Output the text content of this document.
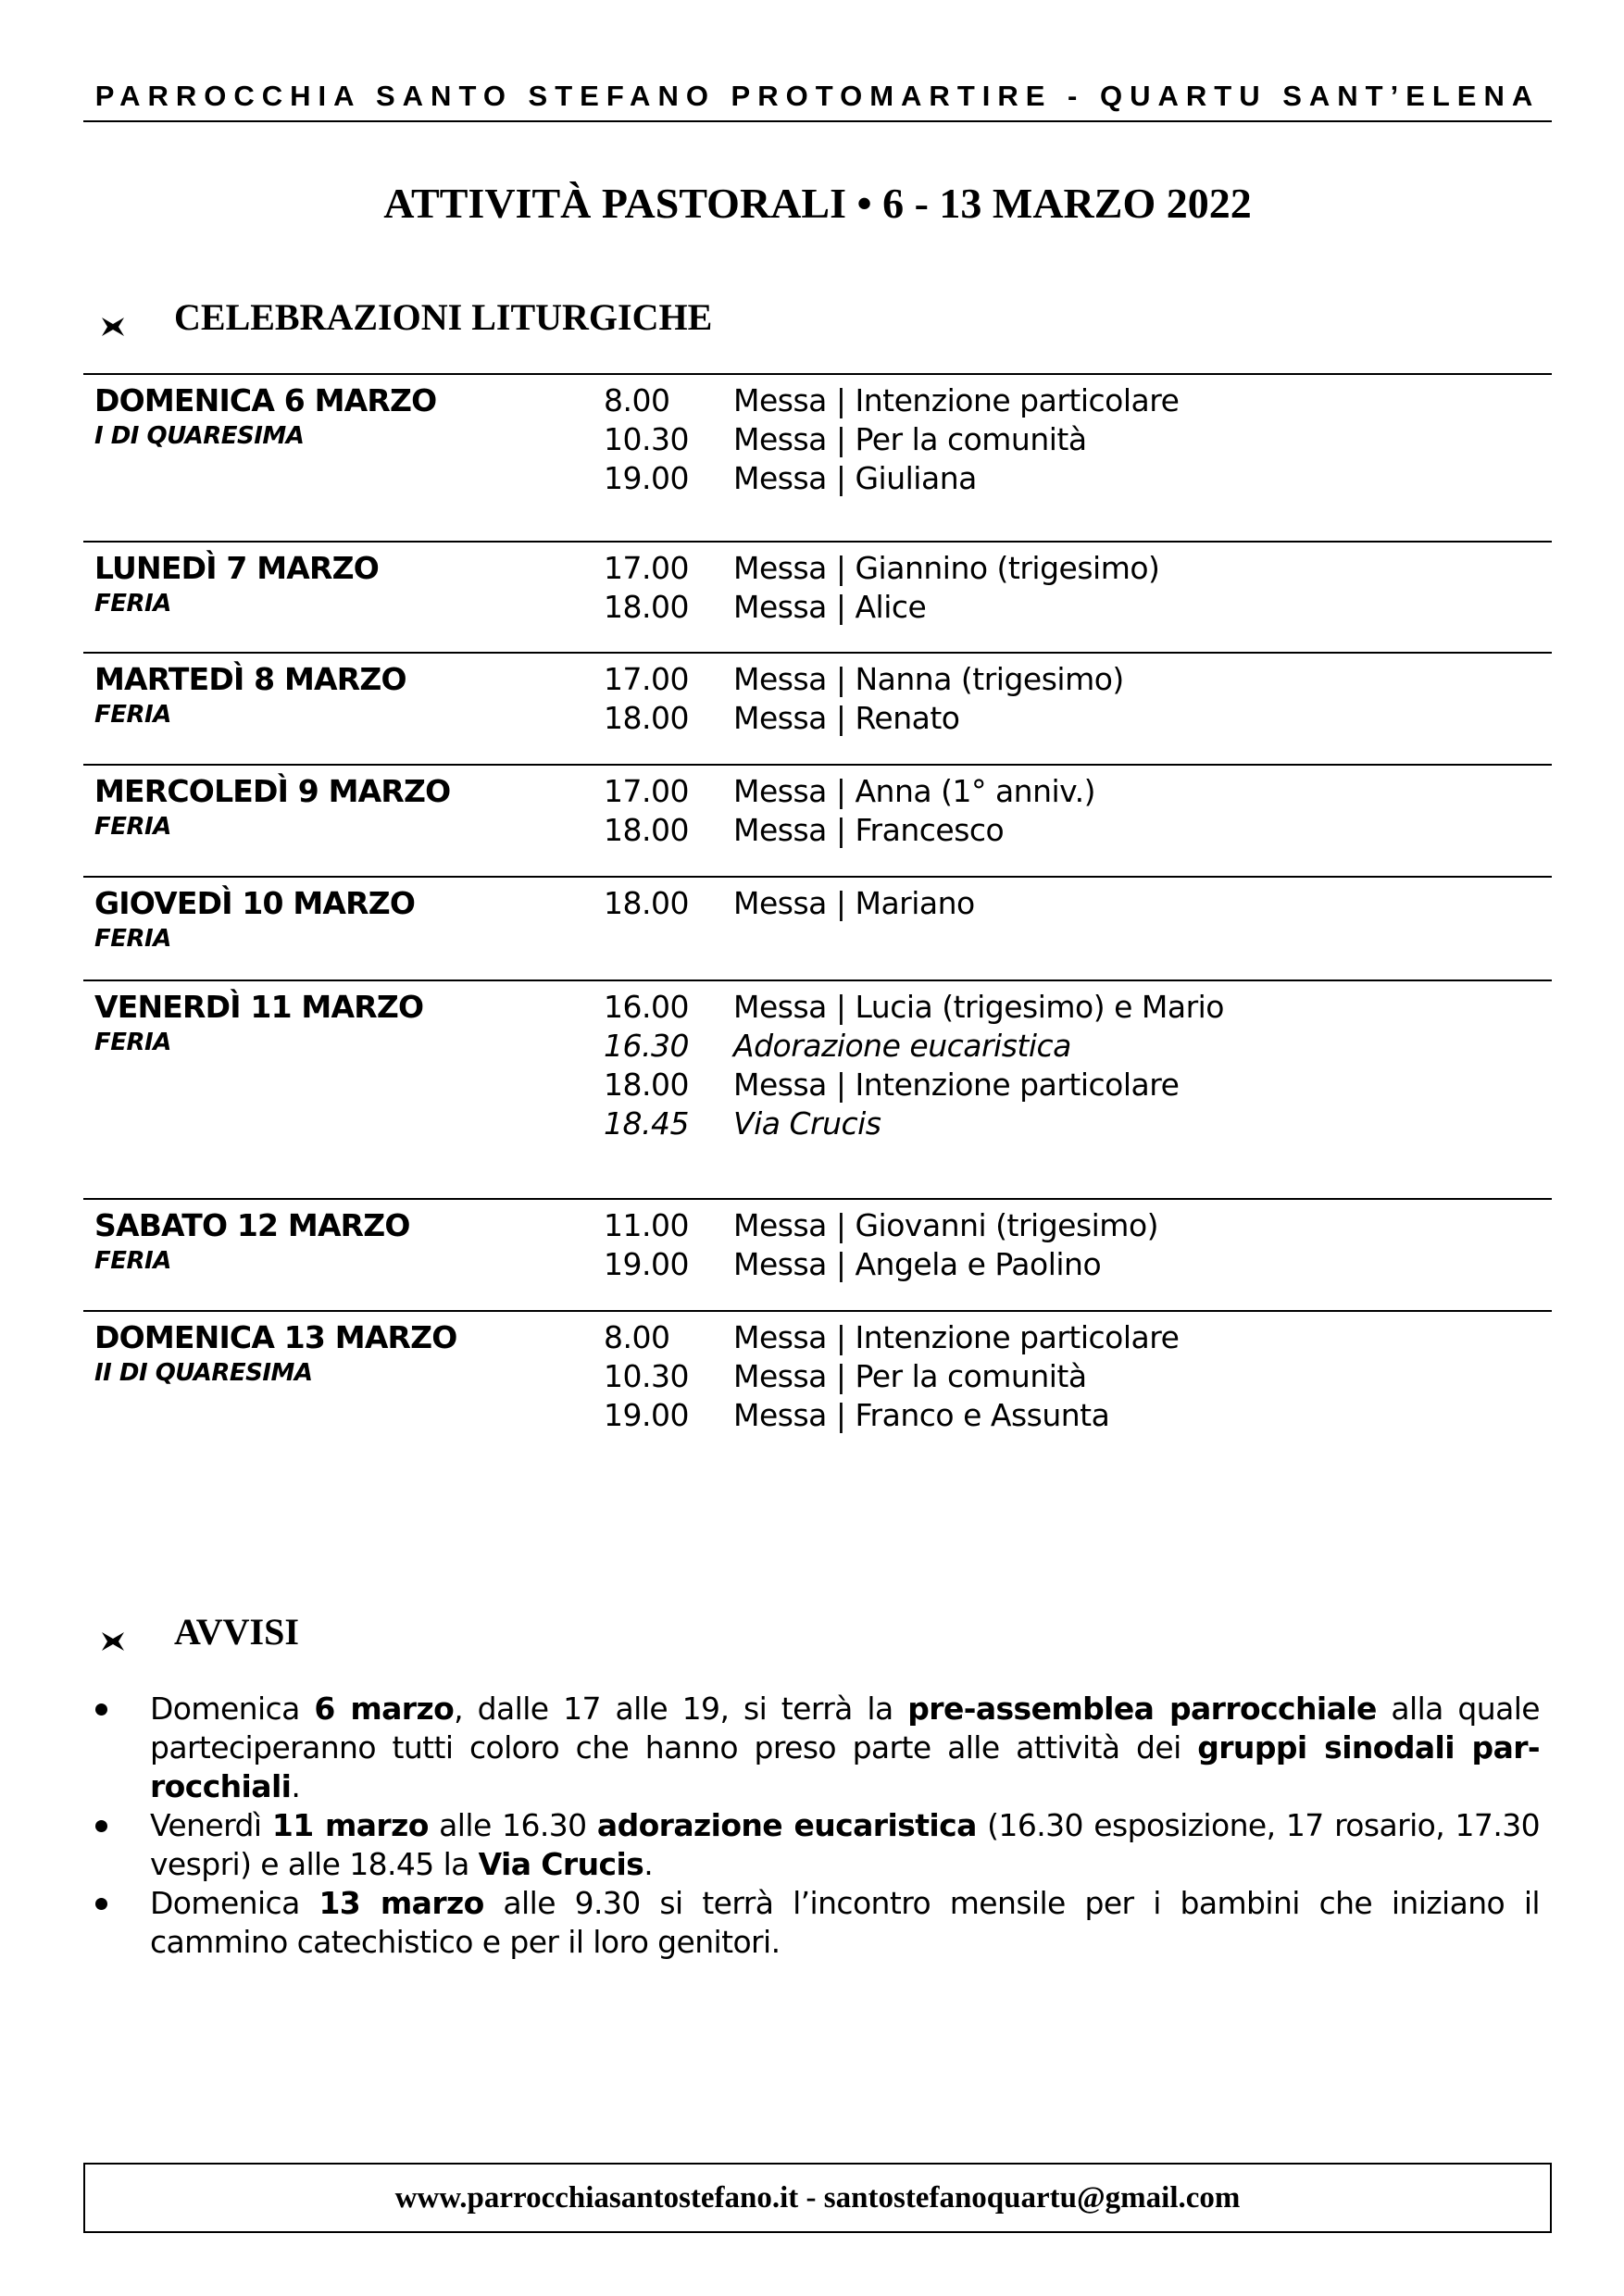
PARROCCHIA SANTO STEFANO PROTOMARTIRE - QUARTU SANT’ELENA
ATTIVITÀ PASTORALI • 6 - 13 MARZO 2022
CELEBRAZIONI LITURGICHE
DOMENICA 6 MARZO
I DI QUARESIMA
8.00 Messa | Intenzione particolare
10.30 Messa | Per la comunità
19.00 Messa | Giuliana
LUNEDÌ 7 MARZO
FERIA
17.00 Messa | Giannino (trigesimo)
18.00 Messa | Alice
MARTEDÌ 8 MARZO
FERIA
17.00 Messa | Nanna (trigesimo)
18.00 Messa | Renato
MERCOLEDÌ 9 MARZO
FERIA
17.00 Messa | Anna (1° anniv.)
18.00 Messa | Francesco
GIOVEDÌ 10 MARZO
FERIA
18.00 Messa | Mariano
VENERDÌ 11 MARZO
FERIA
16.00 Messa | Lucia (trigesimo) e Mario
16.30 Adorazione eucaristica
18.00 Messa | Intenzione particolare
18.45 Via Crucis
SABATO 12 MARZO
FERIA
11.00 Messa | Giovanni (trigesimo)
19.00 Messa | Angela e Paolino
DOMENICA 13 MARZO
II DI QUARESIMA
8.00 Messa | Intenzione particolare
10.30 Messa | Per la comunità
19.00 Messa | Franco e Assunta
AVVISI
Domenica 6 marzo, dalle 17 alle 19, si terrà la pre-assemblea parrocchiale alla quale parteciperanno tutti coloro che hanno preso parte alle attività dei gruppi sinodali par-rocchiali.
Venerdì 11 marzo alle 16.30 adorazione eucaristica (16.30 esposizione, 17 rosario, 17.30 vespri) e alle 18.45 la Via Crucis.
Domenica 13 marzo alle 9.30 si terrà l’incontro mensile per i bambini che iniziano il cammino catechistico e per il loro genitori.
www.parrocchiasantostefano.it - santostefanoquartu@gmail.com
